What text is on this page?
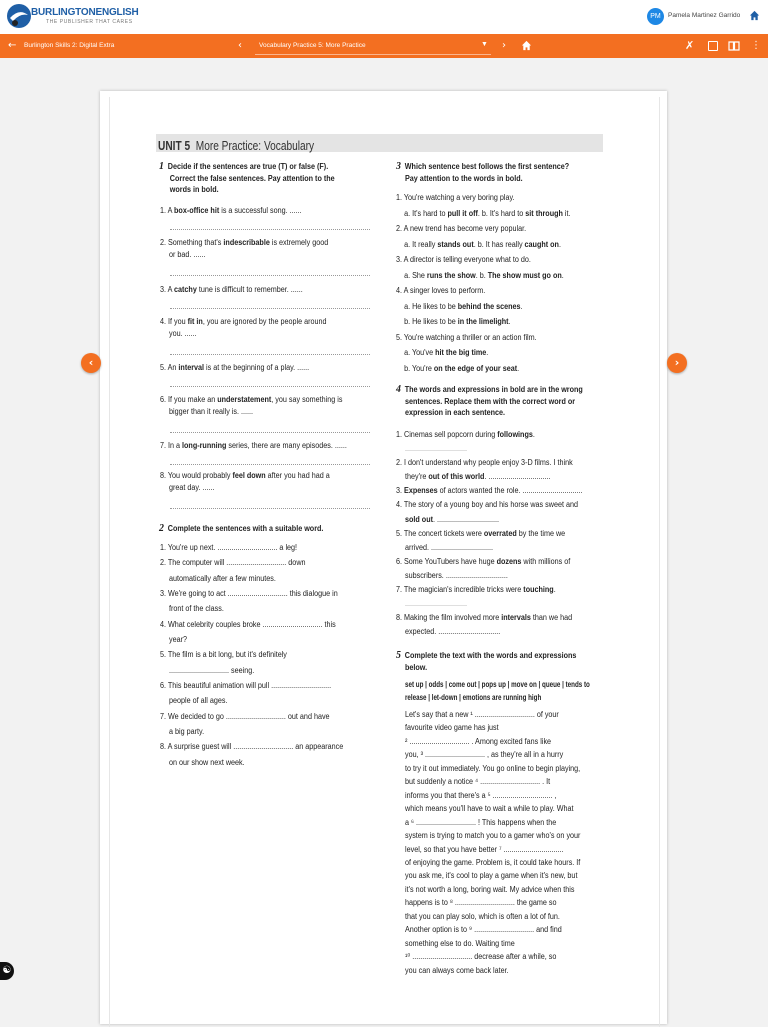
BURLINGTONENGLISH
THE PUBLISHER THAT CARES
PM	Pamela Martinez Garrido
← Burlington Skills 2: Digital Extra	‹	Vocabulary Practice 5: More Practice	▼ ›	✗	⋮
‹	›
☯
UNIT 5 More Practice: Vocabulary
1 Decide if the sentences are true (T) or false (F).
Correct the false sentences. Pay attention to the
words in bold.
1. A box-office hit is a successful song. ......
2. Something that's indescribable is extremely good
or bad. ......
3. A catchy tune is difficult to remember. ......
4. If you fit in, you are ignored by the people around
you. ......
5. An interval is at the beginning of a play. ......
6. If you make an understatement, you say something is
bigger than it really is. ......
7. In a long-running series, there are many episodes. ......
8. You would probably feel down after you had had a
great day. ......
2 Complete the sentences with a suitable word.
1. You're up next. .............................. a leg!
2. The computer will .............................. down
automatically after a few minutes.
3. We're going to act .............................. this dialogue in
front of the class.
4. What celebrity couples broke .............................. this
year?
5. The film is a bit long, but it's definitely
.............................. seeing.
6. This beautiful animation will pull ..............................
people of all ages.
7. We decided to go .............................. out and have
a big party.
8. A surprise guest will .............................. an appearance
on our show next week.
3 Which sentence best follows the first sentence?
Pay attention to the words in bold.
1. You're watching a very boring play.
a. It's hard to pull it off. b. It's hard to sit through it.
2. A new trend has become very popular.
a. It really stands out. b. It has really caught on.
3. A director is telling everyone what to do.
a. She runs the show. b. The show must go on.
4. A singer loves to perform.
a. He likes to be behind the scenes.
b. He likes to be in the limelight.
5. You're watching a thriller or an action film.
a. You've hit the big time.
b. You're on the edge of your seat.
4 The words and expressions in bold are in the wrong
sentences. Replace them with the correct word or
expression in each sentence.
1. Cinemas sell popcorn during followings.
...............................
2. I don't understand why people enjoy 3-D films. I think
they're out of this world. ...............................
3. Expenses of actors wanted the role. ..............................
4. The story of a young boy and his horse was sweet and
sold out. ...............................
5. The concert tickets were overrated by the time we
arrived. ...............................
6. Some YouTubers have huge dozens with millions of
subscribers. ...............................
7. The magician's incredible tricks were touching.
...............................
8. Making the film involved more intervals than we had
expected. ...............................
5 Complete the text with the words and expressions
below.
set up | odds | come out | pops up | move on | queue | tends to
release | let-down | emotions are running high
Let's say that a new ¹ .............................. of your
favourite video game has just
² .............................. . Among excited fans like
you, ³ .............................. , as they're all in a hurry
to try it out immediately. You go online to begin playing,
but suddenly a notice ⁴ .............................. . It
informs you that there's a ⁵ .............................. ,
which means you'll have to wait a while to play. What
a ⁶ .............................. ! This happens when the
system is trying to match you to a gamer who's on your
level, so that you have better ⁷ ..............................
of enjoying the game. Problem is, it could take hours. If
you ask me, it's cool to play a game when it's new, but
it's not worth a long, boring wait. My advice when this
happens is to ⁸ .............................. the game so
that you can play solo, which is often a lot of fun.
Another option is to ⁹ .............................. and find
something else to do. Waiting time
¹⁰ .............................. decrease after a while, so
you can always come back later.
